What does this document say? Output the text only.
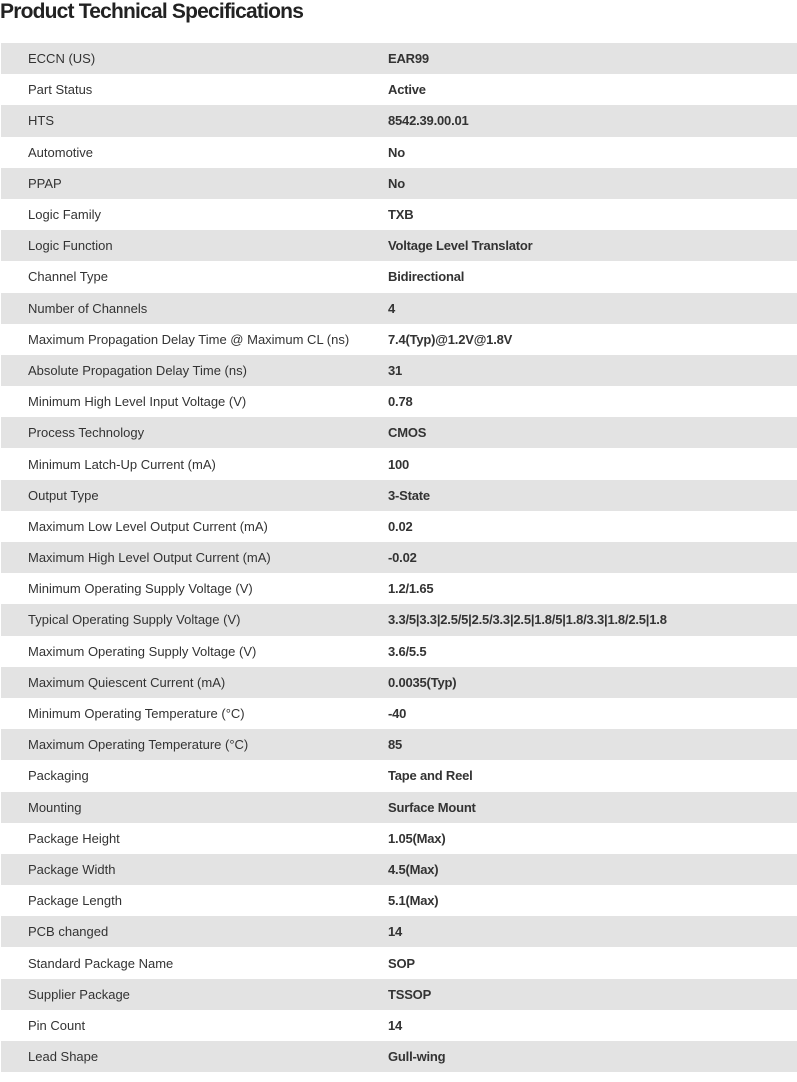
Product Technical Specifications
ECCN (US)	EAR99
Part Status	Active
HTS	8542.39.00.01
Automotive	No
PPAP	No
Logic Family	TXB
Logic Function	Voltage Level Translator
Channel Type	Bidirectional
Number of Channels	4
Maximum Propagation Delay Time @ Maximum CL (ns)	7.4(Typ)@1.2V@1.8V
Absolute Propagation Delay Time (ns)	31
Minimum High Level Input Voltage (V)	0.78
Process Technology	CMOS
Minimum Latch-Up Current (mA)	100
Output Type	3-State
Maximum Low Level Output Current (mA)	0.02
Maximum High Level Output Current (mA)	-0.02
Minimum Operating Supply Voltage (V)	1.2/1.65
Typical Operating Supply Voltage (V)	3.3/5|3.3|2.5/5|2.5/3.3|2.5|1.8/5|1.8/3.3|1.8/2.5|1.8
Maximum Operating Supply Voltage (V)	3.6/5.5
Maximum Quiescent Current (mA)	0.0035(Typ)
Minimum Operating Temperature (°C)	-40
Maximum Operating Temperature (°C)	85
Packaging	Tape and Reel
Mounting	Surface Mount
Package Height	1.05(Max)
Package Width	4.5(Max)
Package Length	5.1(Max)
PCB changed	14
Standard Package Name	SOP
Supplier Package	TSSOP
Pin Count	14
Lead Shape	Gull-wing
